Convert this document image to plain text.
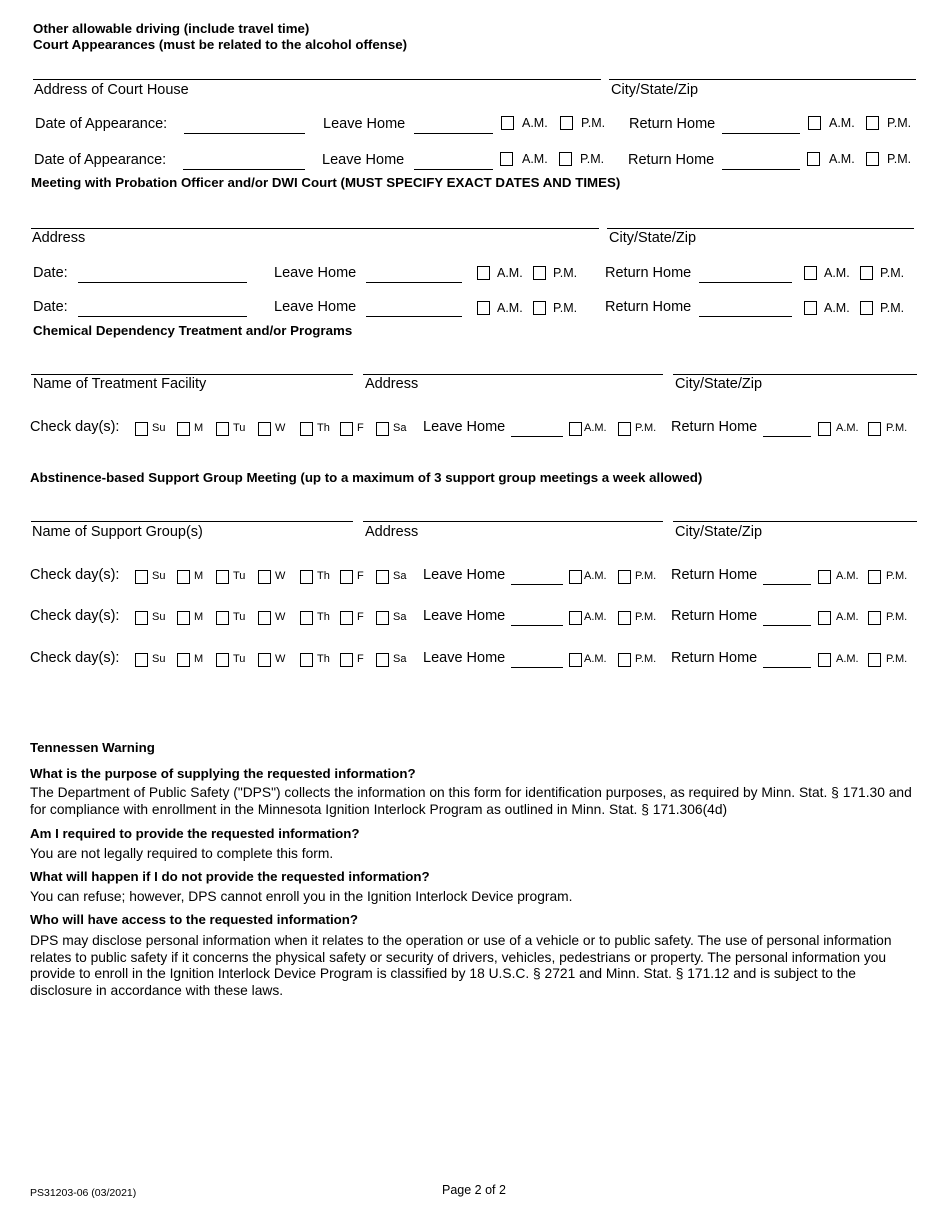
Other allowable driving (include travel time)
Court Appearances (must be related to the alcohol offense)
Address of Court House	City/State/Zip
Date of Appearance:	Leave Home	A.M.	P.M. Return Home	A.M.	P.M.
Date of Appearance:	Leave Home	A.M.	P.M. Return Home	A.M.	P.M.
Meeting with Probation Officer and/or DWI Court (MUST SPECIFY EXACT DATES AND TIMES)
Address	City/State/Zip
Date:	Leave Home	A.M. P.M. Return Home	A.M. P.M.
Date:	Leave Home	A.M. P.M. Return Home	A.M. P.M.
Chemical Dependency Treatment and/or Programs
Name of Treatment Facility	Address	City/State/Zip
Check day(s):	Su	M	Tu	W	Th F	Sa Leave Home	A.M.	P.M. Return Home	A.M. P.M.
Abstinence-based Support Group Meeting (up to a maximum of 3 support group meetings a week allowed)
Name of Support Group(s)	Address	City/State/Zip
Check day(s):	Su	M	Tu	W	Th F	Sa Leave Home	A.M.	P.M. Return Home	A.M. P.M.
Check day(s):	Su	M	Tu	W	Th F	Sa Leave Home	A.M.	P.M. Return Home	A.M. P.M.
Check day(s):	Su	M	Tu	W	Th F	Sa Leave Home	A.M.	P.M. Return Home	A.M. P.M.
Tennessen Warning
What is the purpose of supplying the requested information?
The Department of Public Safety ("DPS") collects the information on this form for identification purposes, as required by Minn. Stat. § 171.30 and for compliance with enrollment in the Minnesota Ignition Interlock Program as outlined in Minn. Stat. § 171.306(4d)
Am I required to provide the requested information?
You are not legally required to complete this form.
What will happen if I do not provide the requested information?
You can refuse; however, DPS cannot enroll you in the Ignition Interlock Device program.
Who will have access to the requested information?
DPS may disclose personal information when it relates to the operation or use of a vehicle or to public safety. The use of personal information relates to public safety if it concerns the physical safety or security of drivers, vehicles, pedestrians or property. The personal information you provide to enroll in the Ignition Interlock Device Program is classified by 18 U.S.C. § 2721 and Minn. Stat. § 171.12 and is subject to the disclosure in accordance with these laws.
PS31203-06 (03/2021)	Page 2 of 2
